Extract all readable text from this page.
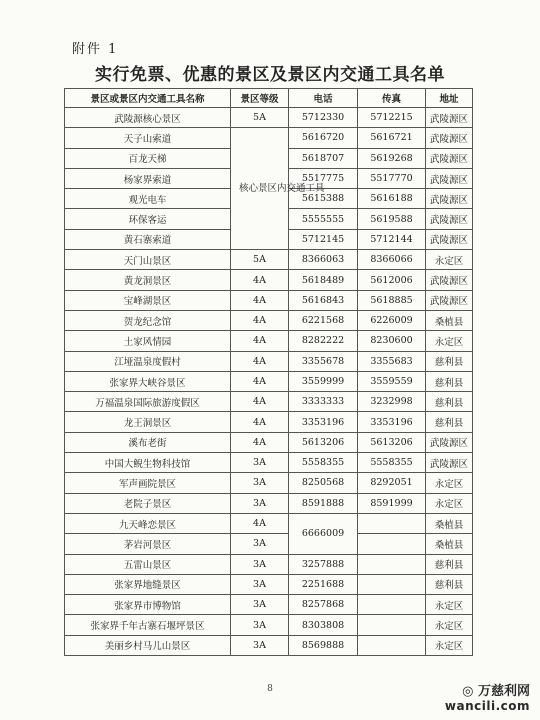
附件 1
实行免票、优惠的景区及景区内交通工具名单
景区或景区内交通工具名称	景区等级	电话	传真	地址
武陵源核心景区	5A	5712330	5712215	武陵源区
天子山索道	核心景区内交通工具	5616720	5616721	武陵源区
百龙天梯		5618707	5619268	武陵源区
杨家界索道		5517775	5517770	武陵源区
观光电车		5615388	5616188	武陵源区
环保客运		5555555	5619588	武陵源区
黄石寨索道		5712145	5712144	武陵源区
天门山景区	5A	8366063	8366066	永定区
黄龙洞景区	4A	5618489	5612006	武陵源区
宝峰湖景区	4A	5616843	5618885	武陵源区
贺龙纪念馆	4A	6221568	6226009	桑植县
土家风情园	4A	8282222	8230600	永定区
江垭温泉度假村	4A	3355678	3355683	慈利县
张家界大峡谷景区	4A	3559999	3559559	慈利县
万福温泉国际旅游度假区	4A	3333333	3232998	慈利县
龙王洞景区	4A	3353196	3353196	慈利县
溪布老街	4A	5613206	5613206	武陵源区
中国大鲵生物科技馆	3A	5558355	5558355	武陵源区
军声画院景区	3A	8250568	8292051	永定区
老院子景区	3A	8591888	8591999	永定区
九天峰恋景区	4A	6666009		桑植县
茅岩河景区	3A			桑植县
五雷山景区	3A	3257888		慈利县
张家界地缝景区	3A	2251688		慈利县
张家界市博物馆	3A	8257868		永定区
张家界千年古寨石堰坪景区	3A	8303808		永定区
美丽乡村马儿山景区	3A	8569888		永定区
8	◎ 万慈利网
wancili.com
